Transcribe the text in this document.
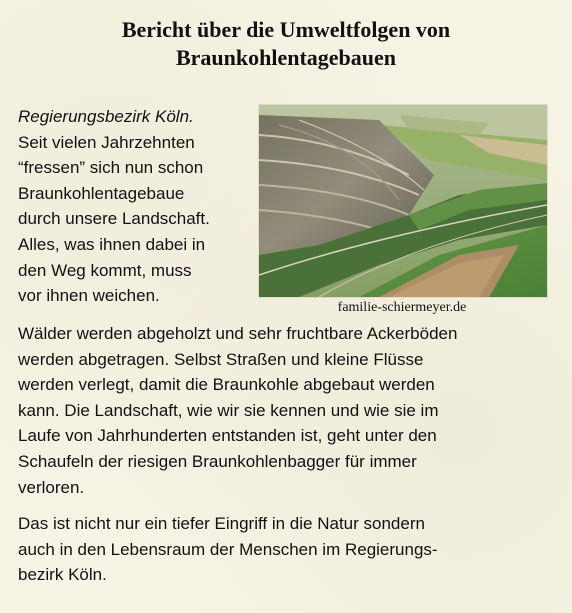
Bericht über die Umweltfolgen von
Braunkohlentagebauen

Regierungsbezirk Köln.
Seit vielen Jahrzehnten
“fressen” sich nun schon
Braunkohlentagebaue
durch unsere Landschaft.
Alles, was ihnen dabei in
den Weg kommt, muss
vor ihnen weichen.

familie-schiermeyer.de

Wälder werden abgeholzt und sehr fruchtbare Ackerböden
werden abgetragen. Selbst Straßen und kleine Flüsse
werden verlegt, damit die Braunkohle abgebaut werden
kann. Die Landschaft, wie wir sie kennen und wie sie im
Laufe von Jahrhunderten entstanden ist, geht unter den
Schaufeln der riesigen Braunkohlenbagger für immer
verloren.

Das ist nicht nur ein tiefer Eingriff in die Natur sondern
auch in den Lebensraum der Menschen im Regierungs-
bezirk Köln.
